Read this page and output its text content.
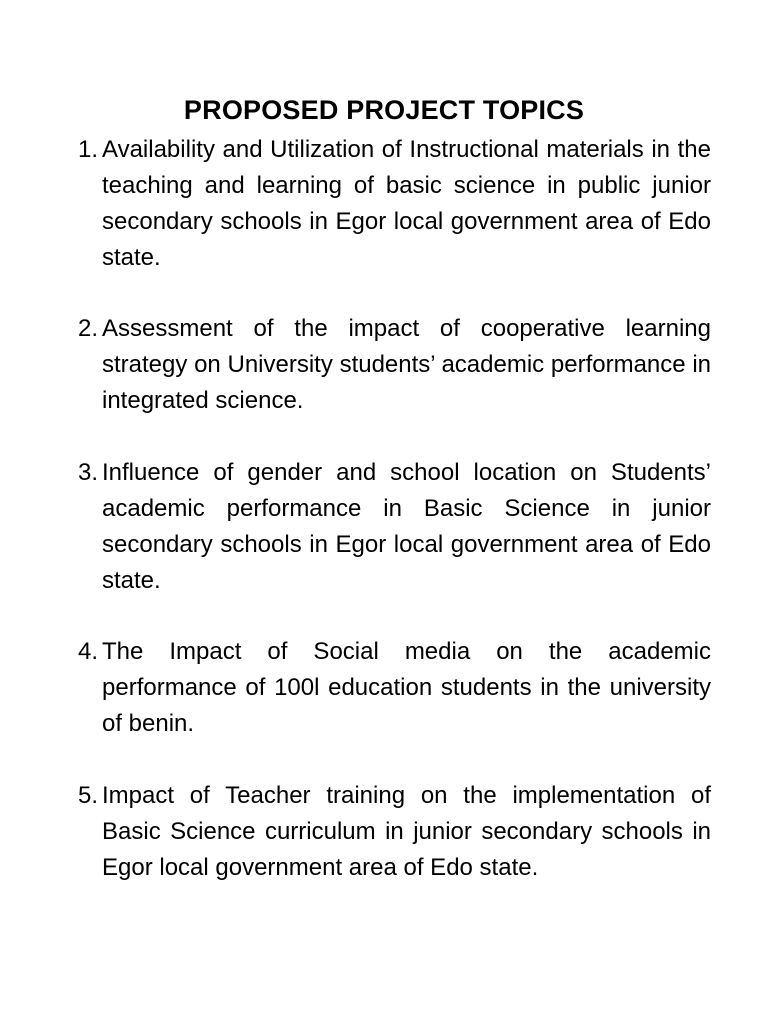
PROPOSED PROJECT TOPICS
1. Availability and Utilization of Instructional materials in the teaching and learning of basic science in public junior secondary schools in Egor local government area of Edo state.
2. Assessment of the impact of cooperative learning strategy on University students’ academic performance in integrated science.
3. Influence of gender and school location on Students’ academic performance in Basic Science in junior secondary schools in Egor local government area of Edo state.
4. The Impact of Social media on the academic performance of 100l education students in the university of benin.
5. Impact of Teacher training on the implementation of Basic Science curriculum in junior secondary schools in Egor local government area of Edo state.
